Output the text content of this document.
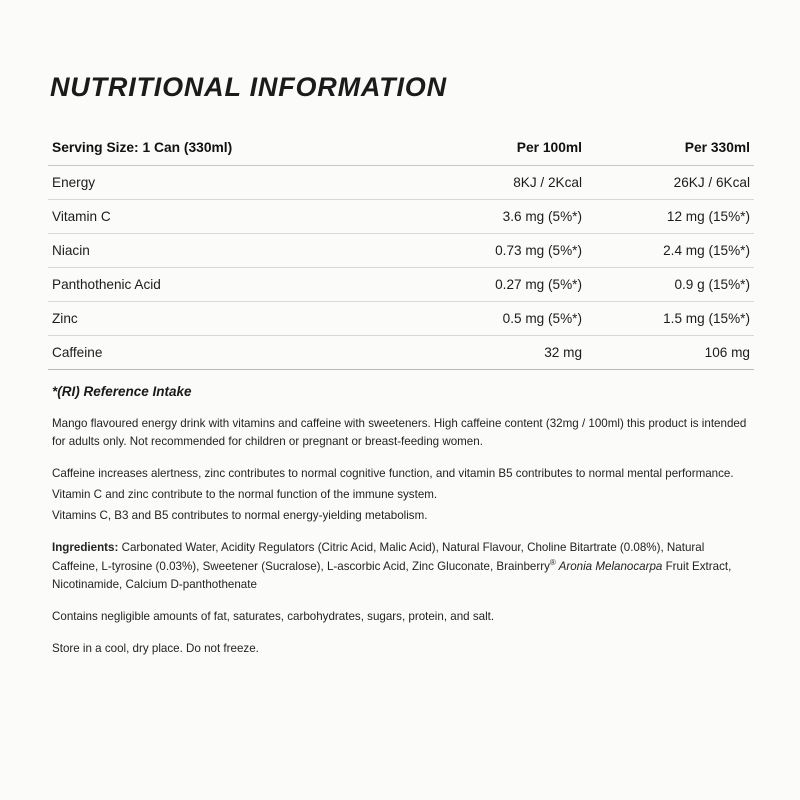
NUTRITIONAL INFORMATION
Serving Size: 1 Can (330ml)	Per 100ml	Per 330ml
Energy	8KJ / 2Kcal	26KJ / 6Kcal
Vitamin C	3.6 mg (5%*)	12 mg (15%*)
Niacin	0.73 mg (5%*)	2.4 mg (15%*)
Panthothenic Acid	0.27 mg (5%*)	0.9 g (15%*)
Zinc	0.5 mg (5%*)	1.5 mg (15%*)
Caffeine	32 mg	106 mg
*(RI) Reference Intake

Mango flavoured energy drink with vitamins and caffeine with sweeteners. High caffeine content (32mg / 100ml) this product is intended for adults only. Not recommended for children or pregnant or breast-feeding women.

Caffeine increases alertness, zinc contributes to normal cognitive function, and vitamin B5 contributes to normal mental performance.

Vitamin C and zinc contribute to the normal function of the immune system.

Vitamins C, B3 and B5 contributes to normal energy-yielding metabolism.

Ingredients: Carbonated Water, Acidity Regulators (Citric Acid, Malic Acid), Natural Flavour, Choline Bitartrate (0.08%), Natural Caffeine, L-tyrosine (0.03%), Sweetener (Sucralose), L-ascorbic Acid, Zinc Gluconate, Brainberry® Aronia Melanocarpa Fruit Extract, Nicotinamide, Calcium D-panthothenate

Contains negligible amounts of fat, saturates, carbohydrates, sugars, protein, and salt.

Store in a cool, dry place. Do not freeze.
